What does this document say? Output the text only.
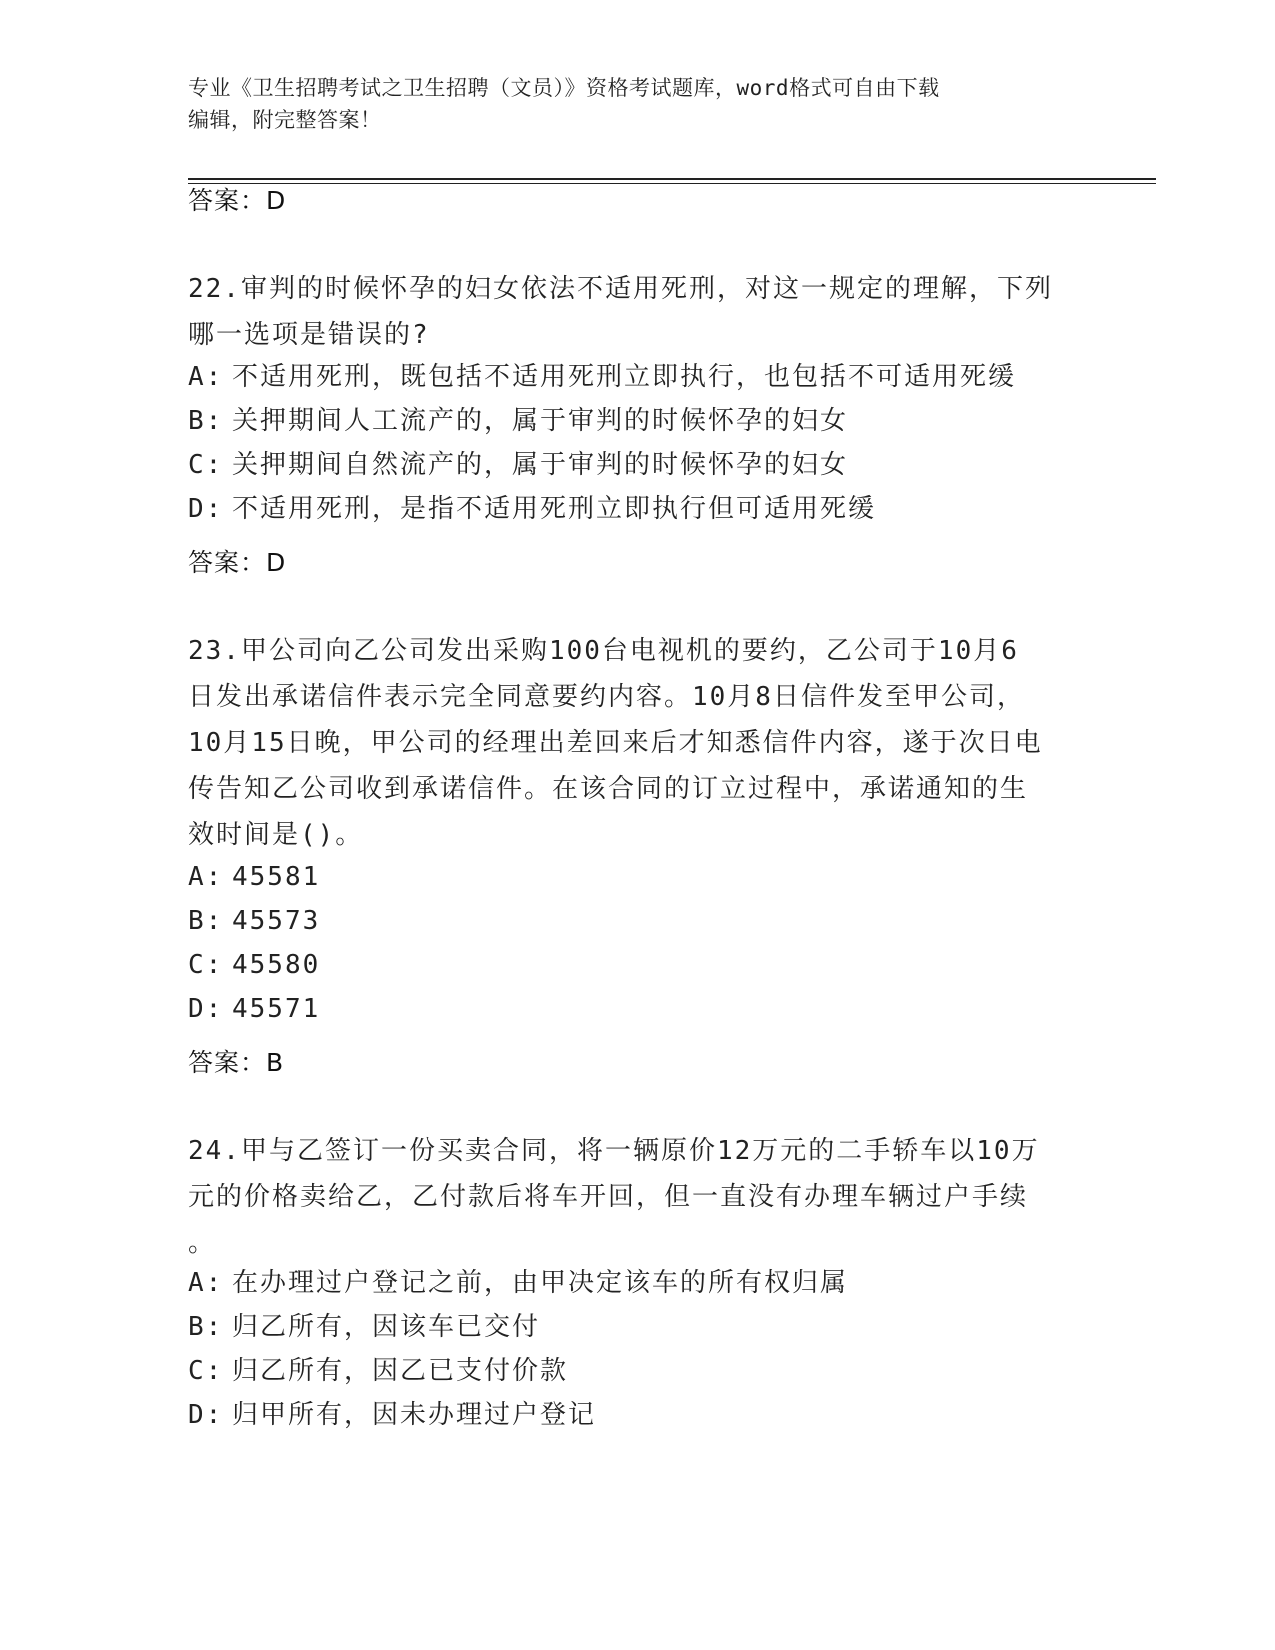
专业《卫生招聘考试之卫生招聘（文员）》资格考试题库，word格式可自由下载
编辑，附完整答案！
答案：D
22.审判的时候怀孕的妇女依法不适用死刑，对这一规定的理解，下列
哪一选项是错误的?
A: 不适用死刑，既包括不适用死刑立即执行，也包括不可适用死缓
B: 关押期间人工流产的，属于审判的时候怀孕的妇女
C: 关押期间自然流产的，属于审判的时候怀孕的妇女
D: 不适用死刑，是指不适用死刑立即执行但可适用死缓
答案：D
23.甲公司向乙公司发出采购100台电视机的要约，乙公司于10月6
日发出承诺信件表示完全同意要约内容。10月8日信件发至甲公司，
10月15日晚，甲公司的经理出差回来后才知悉信件内容，遂于次日电
传告知乙公司收到承诺信件。在该合同的订立过程中，承诺通知的生
效时间是()。
A: 45581
B: 45573
C: 45580
D: 45571
答案：B
24.甲与乙签订一份买卖合同，将一辆原价12万元的二手轿车以10万
元的价格卖给乙，乙付款后将车开回，但一直没有办理车辆过户手续
。
A: 在办理过户登记之前，由甲决定该车的所有权归属
B: 归乙所有，因该车已交付
C: 归乙所有，因乙已支付价款
D: 归甲所有，因未办理过户登记
